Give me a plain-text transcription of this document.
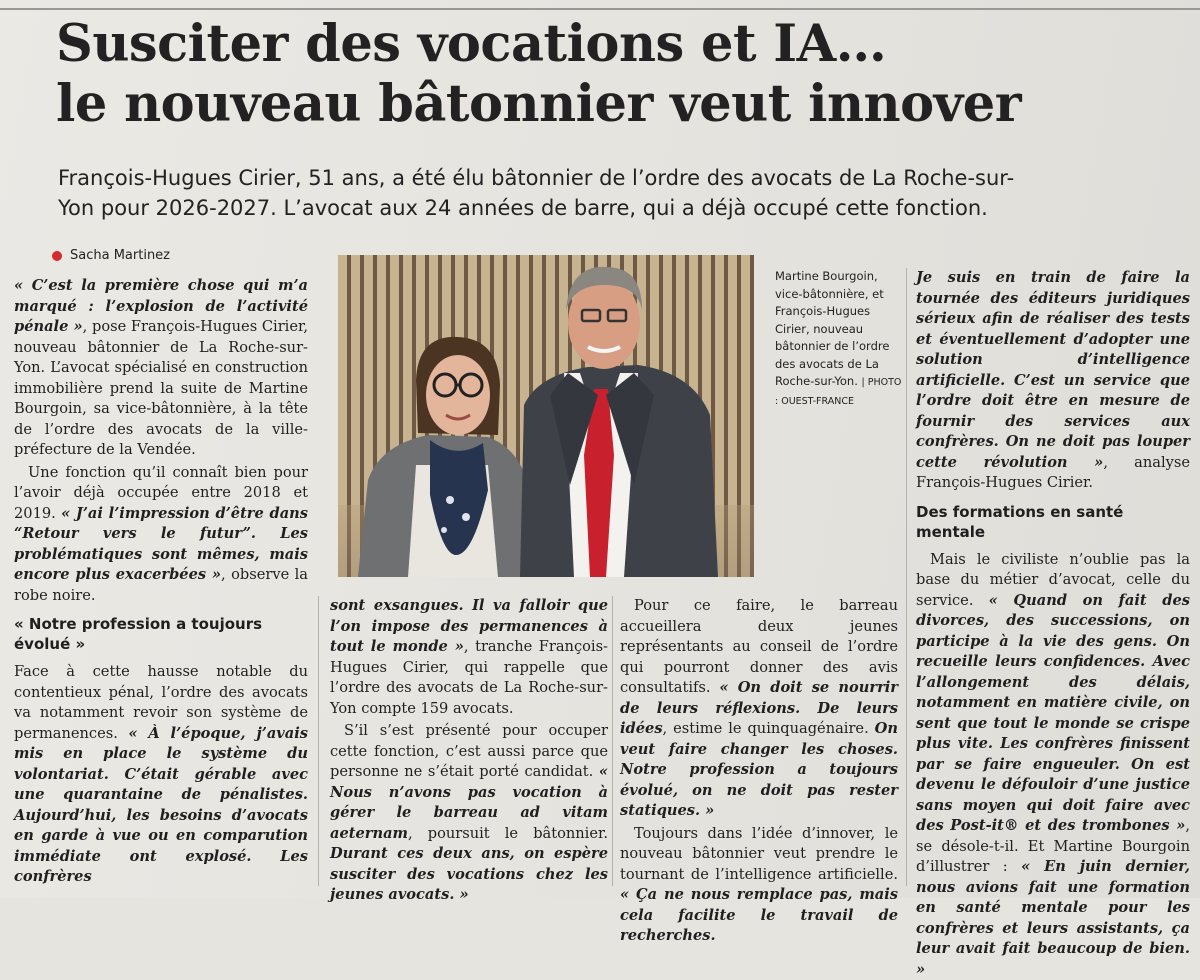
Susciter des vocations et IA…
le nouveau bâtonnier veut innover

François-Hugues Cirier, 51 ans, a été élu bâtonnier de l’ordre des avocats de La Roche-sur-
Yon pour 2026-2027. L’avocat aux 24 années de barre, qui a déjà occupé cette fonction.

Sacha Martinez

« C’est la première chose qui m’a marqué : l’explosion de l’activité pénale », pose François-Hugues Cirier, nouveau bâtonnier de La Roche-sur-Yon. L’avocat spécialisé en construction immobilière prend la suite de Martine Bourgoin, sa vice-bâtonnière, à la tête de l’ordre des avocats de la ville-préfecture de la Vendée.

Une fonction qu’il connaît bien pour l’avoir déjà occupée entre 2018 et 2019. « J’ai l’impression d’être dans “Retour vers le futur”. Les problématiques sont mêmes, mais encore plus exacerbées », observe la robe noire.

« Notre profession a toujours évolué »

Face à cette hausse notable du contentieux pénal, l’ordre des avocats va notamment revoir son système de permanences. « À l’époque, j’avais mis en place le système du volontariat. C’était gérable avec une quarantaine de pénalistes. Aujourd’hui, les besoins d’avocats en garde à vue ou en comparution immédiate ont explosé. Les confrères

Martine Bourgoin, vice-bâtonnière, et François-Hugues Cirier, nouveau bâtonnier de l’ordre des avocats de La Roche-sur-Yon. | PHOTO : OUEST-FRANCE

sont exsangues. Il va falloir que l’on impose des permanences à tout le monde », tranche François-Hugues Cirier, qui rappelle que l’ordre des avocats de La Roche-sur-Yon compte 159 avocats.

S’il s’est présenté pour occuper cette fonction, c’est aussi parce que personne ne s’était porté candidat. « Nous n’avons pas vocation à gérer le barreau ad vitam aeternam, poursuit le bâtonnier. Durant ces deux ans, on espère susciter des vocations chez les jeunes avocats. »

Pour ce faire, le barreau accueillera deux jeunes représentants au conseil de l’ordre qui pourront donner des avis consultatifs. « On doit se nourrir de leurs réflexions. De leurs idées, estime le quinquagénaire. On veut faire changer les choses. Notre profession a toujours évolué, on ne doit pas rester statiques. »

Toujours dans l’idée d’innover, le nouveau bâtonnier veut prendre le tournant de l’intelligence artificielle. « Ça ne nous remplace pas, mais cela facilite le travail de recherches.

Je suis en train de faire la tournée des éditeurs juridiques sérieux afin de réaliser des tests et éventuellement d’adopter une solution d’intelligence artificielle. C’est un service que l’ordre doit être en mesure de fournir des services aux confrères. On ne doit pas louper cette révolution », analyse François-Hugues Cirier.

Des formations en santé mentale

Mais le civiliste n’oublie pas la base du métier d’avocat, celle du service. « Quand on fait des divorces, des successions, on participe à la vie des gens. On recueille leurs confidences. Avec l’allongement des délais, notamment en matière civile, on sent que tout le monde se crispe plus vite. Les confrères finissent par se faire engueuler. On est devenu le défouloir d’une justice sans moyen qui doit faire avec des Post-it® et des trombones », se désole-t-il. Et Martine Bourgoin d’illustrer : « En juin dernier, nous avions fait une formation en santé mentale pour les confrères et leurs assistants, ça leur avait fait beaucoup de bien. »
